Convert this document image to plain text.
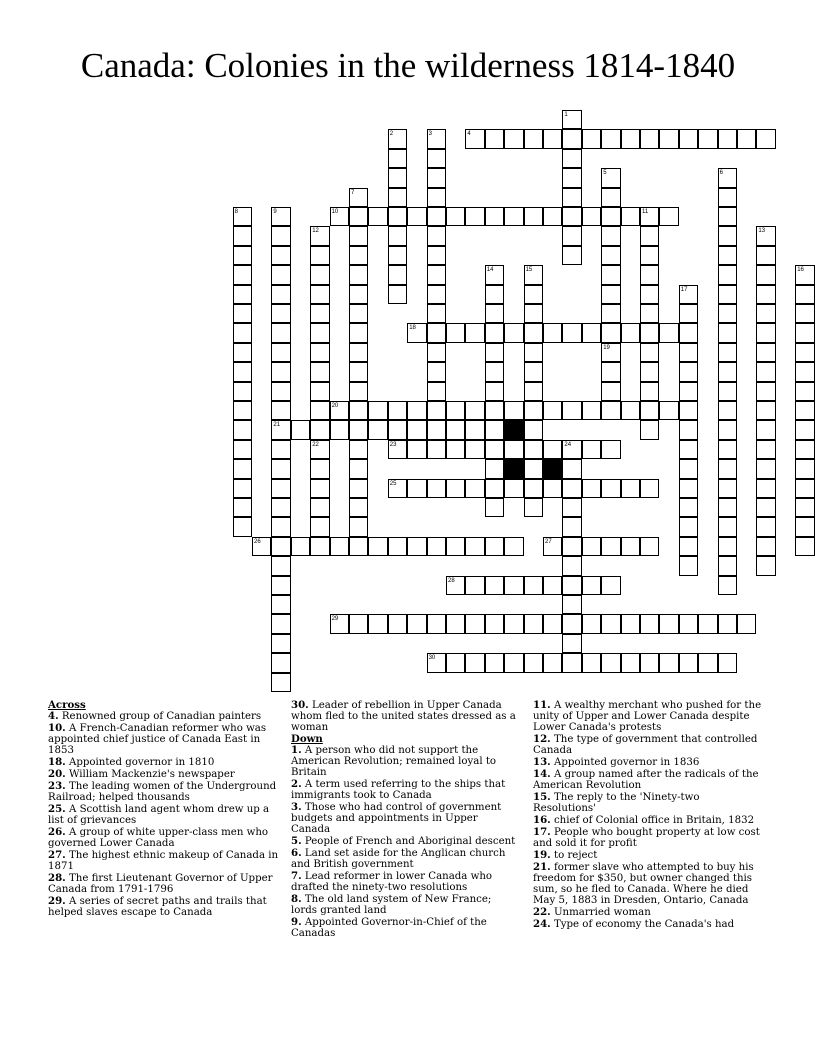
Canada: Colonies in the wilderness 1814-1840
1
2	3	4
5	6
7
8	9	10	11
12	13
14	15	16
17
18
19
20
21
22	23	24
25
26	27
28
29
30
Across
4. Renowned group of Canadian painters
10. A French-Canadian reformer who was appointed chief justice of Canada East in 1853
18. Appointed governor in 1810
20. William Mackenzie's newspaper
23. The leading women of the Underground Railroad; helped thousands
25. A Scottish land agent whom drew up a list of grievances
26. A group of white upper-class men who governed Lower Canada
27. The highest ethnic makeup of Canada in 1871
28. The first Lieutenant Governor of Upper Canada from 1791-1796
29. A series of secret paths and trails that helped slaves escape to Canada
30. Leader of rebellion in Upper Canada whom fled to the united states dressed as a woman
Down
1. A person who did not support the American Revolution; remained loyal to Britain
2. A term used referring to the ships that immigrants took to Canada
3. Those who had control of government budgets and appointments in Upper Canada
5. People of French and Aboriginal descent
6. Land set aside for the Anglican church and British government
7. Lead reformer in lower Canada who drafted the ninety-two resolutions
8. The old land system of New France; lords granted land
9. Appointed Governor-in-Chief of the Canadas
11. A wealthy merchant who pushed for the unity of Upper and Lower Canada despite Lower Canada's protests
12. The type of government that controlled Canada
13. Appointed governor in 1836
14. A group named after the radicals of the American Revolution
15. The reply to the 'Ninety-two Resolutions'
16. chief of Colonial office in Britain, 1832
17. People who bought property at low cost and sold it for profit
19. to reject
21. former slave who attempted to buy his freedom for $350, but owner changed this sum, so he fled to Canada. Where he died May 5, 1883 in Dresden, Ontario, Canada
22. Unmarried woman
24. Type of economy the Canada's had
